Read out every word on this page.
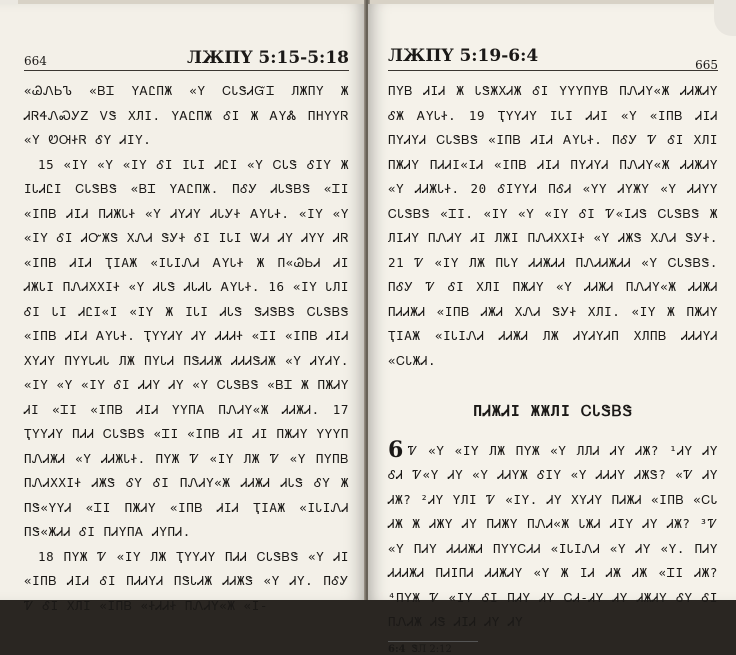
664	ЛЖПҮ 5:15-5:18

«ᏊᏁᏏᏖ «ᏴᏆ ҮᎪᏝПЖ «Ү ᏟᏓᏕᏗᏳᏆ ЛЖПҮ Ж ᏗᏒᏎᏁᏍᎩᏃ ᏙᏕ ХЛІ. ҮᎪᏝПЖ ᎴІ Ж ᎪҮᏜ ПНҮҮᏒ «Ү ᏬᎺᏐᏒ ᎴҮ ᏗІҮ.

15 «ІҮ «Ү «ІҮ ᎴІ ІᏓІ ᏗᏝІ «Ү ᏟᏓᏕ ᎴІҮ Ж ІᏓᏗᏝІ ᏟᏓᏕᏴᏕ «ᏴᏆ ҮᎪᏝПЖ. ПᎴᎩ ᏗᏓᏕᏴᏕ «ᏆІ «ІПᏴ ᏗІᏗ ПᏗЖᏓᏐ «Ү ᏗҮᏗҮ ᏗᏓᎩᏐ ᎪҮᏓᏐ. «ІҮ «Ү «ІҮ ᎴІ ᏗᏅЖᏕ ХᏁᏗ ᏕᎩᏐ ᎴІ ІᏓІ ᏔᏗ ᏗҮ ᏗҮҮ ᏗᏒ «ІПᏴ ᏗІᏗ ҬІАЖ «ІᏓІᏁᏗ ᎪҮᏓᏐ Ж П«ᏊᏏᏗ ᏗІ ᏗЖᏓІ ПᏁᏗХХІᏐ «Ү ᏗᏓᏕ ᏗᏓᏗᏓ ᎪҮᏓᏐ. 16 «ІҮ ᏓЛІ ᎴІ ᏓІ ᏗᏝІ«І «ІҮ Ж ІᏓІ ᏗᏓᏕ ᏕᏗᏕᏴᏕ ᏟᏓᏕᏴᏕ «ІПᏴ ᏗІᏗ ᎪҮᏓᏐ. ҬҮҮᏗҮ ᏗҮ ᏗᏗᏗᏐ «ᏆІ «ІПᏴ ᏗІᏗ ХҮᏗҮ ПҮҮᏓᏗᏓ ЛЖ ПҮᏓᏗ ПᏕᏗᏗЖ ᏗᏗᏗᏕᏗЖ «Ү ᏗҮᏗҮ. «ІҮ «Ү «ІҮ ᎴІ ᏗᏗҮ ᏗҮ «Ү ᏟᏓᏕᏴᏕ «ᏴᏆ Ж ПЖᏗҮ ᏗІ «ᏆІ «ІПᏴ ᏗІᏗ ҮҮПᎪ ПᏁᏗҮ«Ж ᏗᏗЖᏗ. 17 ҬҮҮᏗҮ ПᏗᏗ ᏟᏓᏕᏴᏕ «ᏆІ «ІПᏴ ᏗІ ᏗІ ПЖᏗҮ ҮҮҮП ПᏁᏗЖᏗ «Ү ᏗᏗЖᏓᏐ. ПҮЖ Ꮴ «ІҮ ЛЖ Ꮴ «Ү ПҮПᏴ ПᏁᏗХХІᏐ ᏗЖᏕ ᎴҮ ᎴІ ПᏁᏗҮ«Ж ᏗᏗЖᏗ ᏗᏓᏕ ᎴҮ Ж ПᏕ«ҮҮᏗ «ᏆІ ПЖᏗҮ «ІПᏴ ᏗІᏗ ҬІАЖ «ІᏓІᏁᏗ ПᏕ«ЖᏗᏗ ᎴІ ПᏗҮПᎪ ᏗҮПᏗ.

18 ПҮЖ Ꮴ «ІҮ ЛЖ ҬҮҮᏗҮ ПᏗᏗ ᏟᏓᏕᏴᏕ «Ү ᏗІ «ІПᏴ ᏗІᏗ ᎴІ ПᏗᏗҮᏗ ПᏕᏓᏗЖ ᏗᏗЖᏕ «Ү ᏗҮ. ПᎴᎩ Ꮴ ᎴІ ХЛІ «ІПᏴ «ᏐᏗᏗᏐ ПᏁᏗҮ«Ж «І-

ЛЖПҮ 5:19-6:4	665

ПҮᏴ ᏗІᏗ Ж ᏓᏕЖХᏗЖ ᎴІ ҮҮҮПҮᏴ ПᏁᏗҮ«Ж ᏗᏗЖᏗҮ ᎴЖ ᎪҮᏓᏐ. 19 ҬҮҮᏗҮ ІᏓІ ᏗᏗІ «Ү «ІПᏴ ᏗІᏗ ПҮᏗҮᏗ ᏟᏓᏕᏴᏕ «ІПᏴ ᏗІᏗ ᎪҮᏓᏐ. ПᎴᎩ Ꮴ ᎴІ ХЛІ ПЖᏗҮ ПᏗᏗІ«ІᏗ «ІПᏴ ᏗІᏗ ПҮᏗҮᏗ ПᏁᏗҮ«Ж ᏗᏗЖᏗҮ «Ү ᏗᏗЖᏓᏐ. 20 ᎴІҮҮᏗ ПᎴᏗ «ҮҮ ᏗҮЖҮ «Ү ᏗᏗҮҮ ᏟᏓᏕᏴᏕ «ᏆІ. «ІҮ «Ү «ІҮ ᎴІ Ꮴ«ІᏗᏕ ᏟᏓᏕᏴᏕ Ж ЛІᏗҮ ПᏁᏗҮ ᏗІ ЛЖІ ПᏁᏗХХІᏐ «Ү ᏗЖᏕ ХᏁᏗ ᏕᎩᏐ. 21 Ꮴ «ІҮ ЛЖ ПᏓҮ ᏗᏗЖᏗᏗ ПᏁᏗᏗЖᏗᏗ «Ү ᏟᏓᏕᏴᏕ. ПᎴᎩ Ꮴ ᎴІ ХЛІ ПЖᏗҮ «Ү ᏗᏗЖᏗ ПᏁᏗҮ«Ж ᏗᏗЖᏗ ПᏗᏗЖᏗ «ІПᏴ ᏗЖᏗ ХᏁᏗ ᏕᎩᏐ ХЛІ. «ІҮ Ж ПЖᏗҮ ҬІАЖ «ІᏓІᏁᏗ ᏗᏗЖᏗ ЛЖ ᏗҮᏗҮᏗП ХЛПᏴ ᏗᏗᏗҮᏗ «ᏟᏓЖᏗ.

ПᏗЖᏗІ ЖЖЛІ ᏟᏓᏕᏴᏕ

6 Ꮴ «Ү «ІҮ ЛЖ ПҮЖ «Ү ЛЛᏗ ᏗҮ ᏗЖ? ¹ᏗҮ ᏗҮ ᎴᏗ Ꮴ«Ү ᏗҮ «Ү ᏗᏗҮЖ ᎴІҮ «Ү ᏗᏗᏗҮ ᏗЖᏕ? «Ꮴ ᏗҮ ᏗЖ? ²ᏗҮ ҮЛІ Ꮴ «ІҮ. ᏗҮ ХҮᏗҮ ПᏗЖᏗ «ІПᏴ «ᏟᏓ ᏗЖ Ж ᏗЖҮ ᏗҮ ПᏗЖҮ ПᏁᏗ«Ж ᏓЖᏗ ᏗІҮ ᏗҮ ᏗЖ? ³Ꮴ «Ү ПᏗҮ ᏗᏗᏗЖᏗ ПҮҮᏟᏗᏗ «ІᏓІᏁᏗ «Ү ᏗҮ «Ү. ПᏗҮ ᏗᏗᏗЖᏗ ПᏗІПᏗ ᏗᏗЖᏗҮ «Ү Ж ІᏗ ᏗЖ ᏗЖ «ᏆІ ᏗЖ? ⁴ПҮЖ Ꮴ «ІҮ ᎴІ ПᏗҮ ᏗҮ ᏟᏗ-ᏗҮ ᏗҮ ᏗЖᏗҮ ᎴҮ ᎴІ ПᏁᏗЖ ᏗᏕ ᏗІᏗ ᏗҮ ᏗҮ

6:4 ᏕЛ 2:12
